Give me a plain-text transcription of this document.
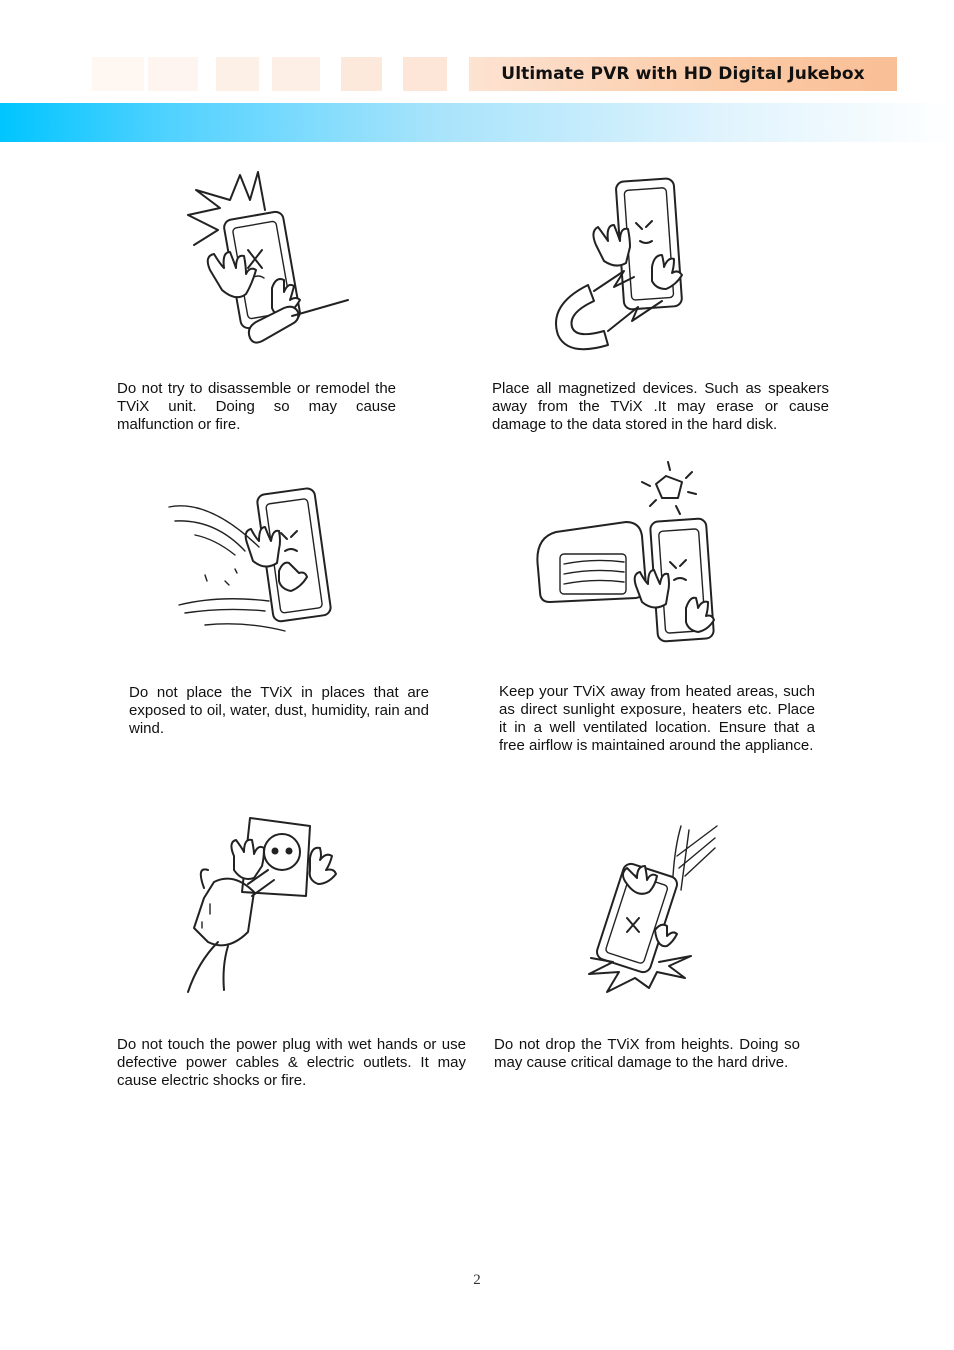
Ultimate PVR with HD Digital Jukebox

Do not try to disassemble or remodel the TViX unit. Doing so may cause malfunction or fire.

Place all magnetized devices. Such as speakers away from the TViX .It may erase or cause damage to the data stored in the hard disk.

Do not place the TViX in places that are exposed to oil, water, dust, humidity, rain and wind.

Keep your TViX away from heated areas, such as direct sunlight exposure, heaters etc. Place it in a well ventilated location. Ensure that a free airflow is maintained around the appliance.

Do not touch the power plug with wet hands or use defective power cables & electric outlets. It may cause electric shocks or fire.

Do not drop the TViX from heights. Doing so may cause critical damage to the hard drive.

2
